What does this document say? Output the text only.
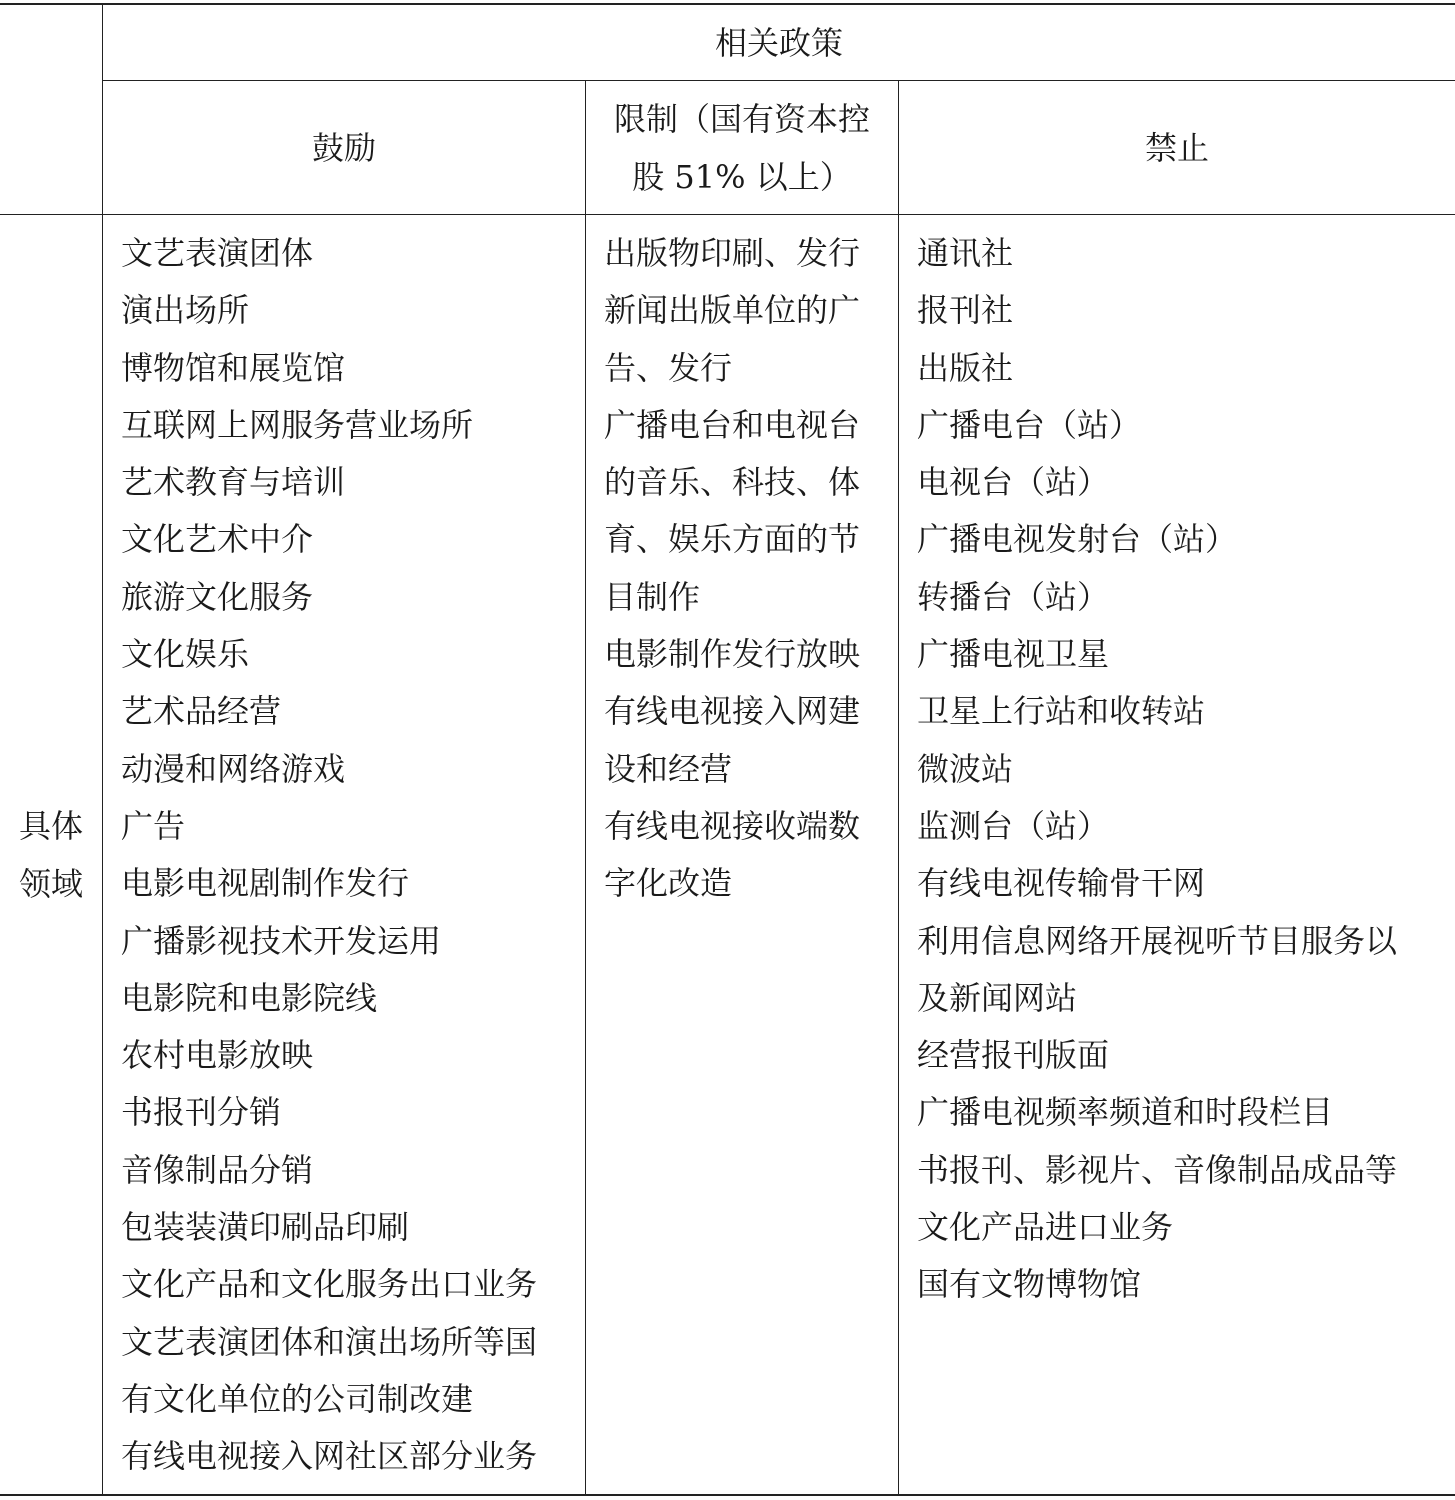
相关政策
鼓励
限制（国有资本控
股 51% 以上）
禁止
具体
领域
文艺表演团体
演出场所
博物馆和展览馆
互联网上网服务营业场所
艺术教育与培训
文化艺术中介
旅游文化服务
文化娱乐
艺术品经营
动漫和网络游戏
广告
电影电视剧制作发行
广播影视技术开发运用
电影院和电影院线
农村电影放映
书报刊分销
音像制品分销
包装装潢印刷品印刷
文化产品和文化服务出口业务
文艺表演团体和演出场所等国
有文化单位的公司制改建
有线电视接入网社区部分业务
出版物印刷、发行
新闻出版单位的广
告、发行
广播电台和电视台
的音乐、科技、体
育、娱乐方面的节
目制作
电影制作发行放映
有线电视接入网建
设和经营
有线电视接收端数
字化改造
通讯社
报刊社
出版社
广播电台（站）
电视台（站）
广播电视发射台（站）
转播台（站）
广播电视卫星
卫星上行站和收转站
微波站
监测台（站）
有线电视传输骨干网
利用信息网络开展视听节目服务以
及新闻网站
经营报刊版面
广播电视频率频道和时段栏目
书报刊、影视片、音像制品成品等
文化产品进口业务
国有文物博物馆
